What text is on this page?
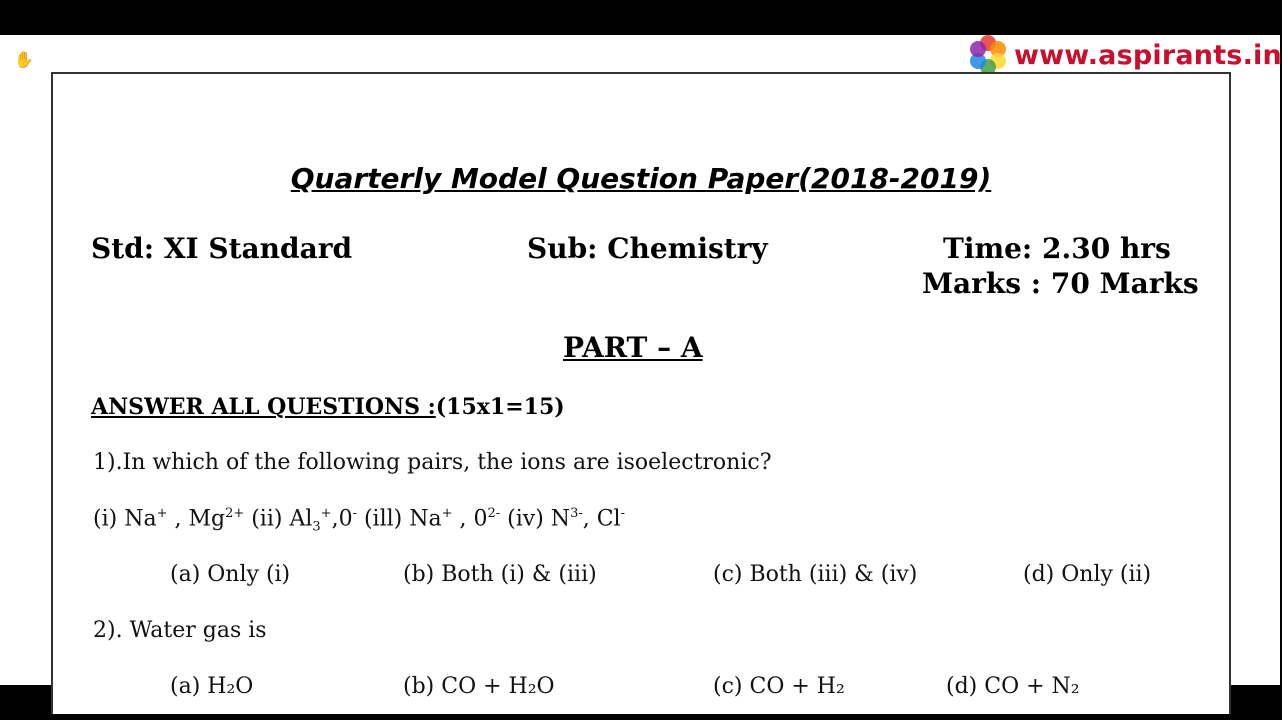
✋	www.aspirants.in
Quarterly Model Question Paper(2018-2019)
Std: XI Standard	Sub: Chemistry	Time: 2.30 hrs
Marks : 70 Marks
PART – A
ANSWER ALL QUESTIONS :(15x1=15)
1).In which of the following pairs, the ions are isoelectronic?
(i) Na+ , $Mg^{2+}$ (ii) $Al_3^+,0^-$ (ill) Na+ , $0^{2-}$ (iv) $N^{3-}$, Cl-
(a) Only (i)	(b) Both (i) & (iii)	(c) Both (iii) & (iv)	(d) Only (ii)
2). Water gas is
(a) H₂O	(b) CO + H₂O	(c) CO + H₂	(d) CO + N₂
